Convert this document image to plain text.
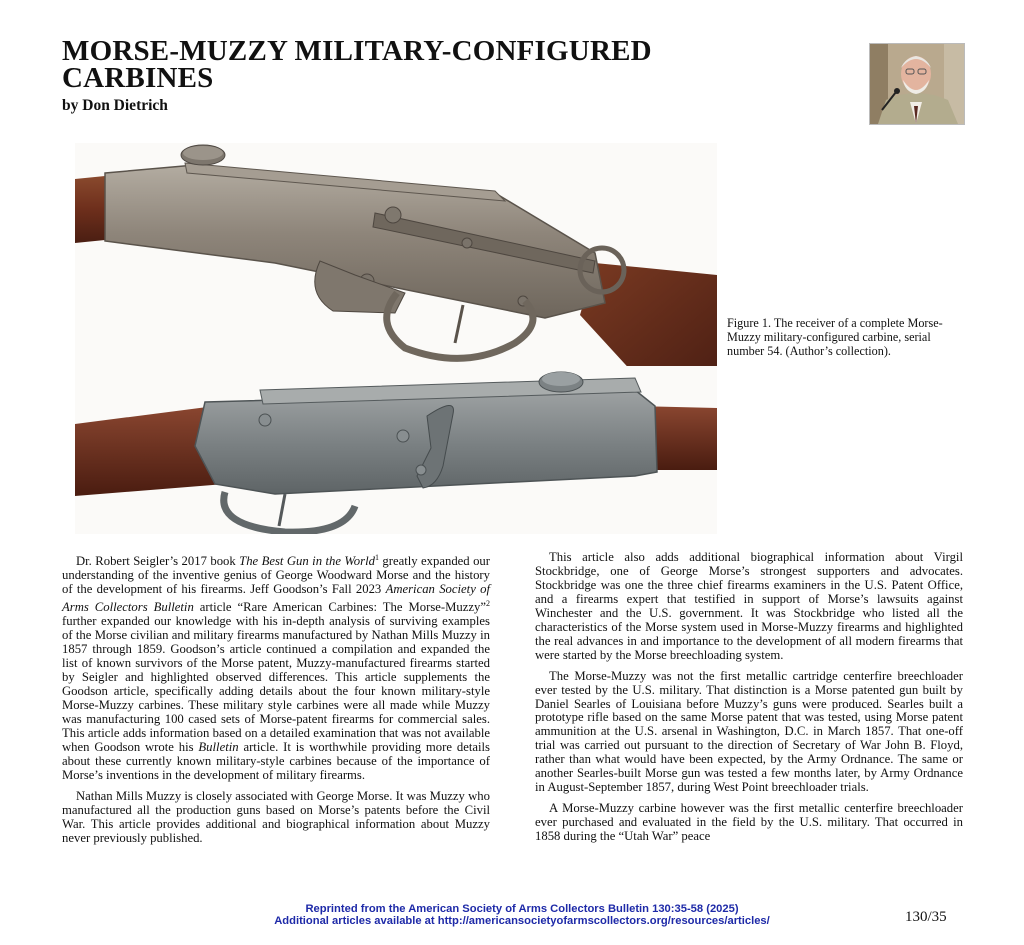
MORSE-MUZZY MILITARY-CONFIGURED CARBINES

by Don Dietrich

Figure 1. The receiver of a complete Morse-Muzzy military-configured carbine, serial number 54. (Author’s collection).

Dr. Robert Seigler’s 2017 book The Best Gun in the World$^1$ greatly expanded our understanding of the inventive genius of George Woodward Morse and the history of the development of his firearms. Jeff Goodson’s Fall 2023 American Society of Arms Collectors Bulletin article “Rare American Carbines: The Morse-Muzzy”$^2$ further expanded our knowledge with his in-depth analysis of surviving examples of the Morse civilian and military firearms manufactured by Nathan Mills Muzzy in 1857 through 1859. Goodson’s article continued a compilation and expanded the list of known survivors of the Morse patent, Muzzy-manufactured firearms started by Seigler and highlighted observed differences. This article supplements the Goodson article, specifically adding details about the four known military-style Morse-Muzzy carbines. These military style carbines were all made while Muzzy was manufacturing 100 cased sets of Morse-patent firearms for commercial sales. This article adds information based on a detailed examination that was not available when Goodson wrote his Bulletin article. It is worthwhile providing more details about these currently known military-style carbines because of the importance of Morse’s inventions in the development of military firearms.

Nathan Mills Muzzy is closely associated with George Morse. It was Muzzy who manufactured all the production guns based on Morse’s patents before the Civil War. This article provides additional and biographical information about Muzzy never previously published.

This article also adds additional biographical information about Virgil Stockbridge, one of George Morse’s strongest supporters and advocates. Stockbridge was one the three chief firearms examiners in the U.S. Patent Office, and a firearms expert that testified in support of Morse’s lawsuits against Winchester and the U.S. government. It was Stockbridge who listed all the characteristics of the Morse system used in Morse-Muzzy firearms and highlighted the real advances in and importance to the development of all modern firearms that were started by the Morse breechloading system.

The Morse-Muzzy was not the first metallic cartridge centerfire breechloader ever tested by the U.S. military. That distinction is a Morse patented gun built by Daniel Searles of Louisiana before Muzzy’s guns were produced. Searles built a prototype rifle based on the same Morse patent that was tested, using Morse patent ammunition at the U.S. arsenal in Washington, D.C. in March 1857. That one-off trial was carried out pursuant to the direction of Secretary of War John B. Floyd, rather than what would have been expected, by the Army Ordnance. The same or another Searles-built Morse gun was tested a few months later, by Army Ordnance in August-September 1857, during West Point breechloader trials.

A Morse-Muzzy carbine however was the first metallic centerfire breechloader ever purchased and evaluated in the field by the U.S. military. That occurred in 1858 during the “Utah War” peace

Reprinted from the American Society of Arms Collectors Bulletin 130:35-58 (2025)
Additional articles available at http://americansocietyofarmscollectors.org/resources/articles/	130/35
